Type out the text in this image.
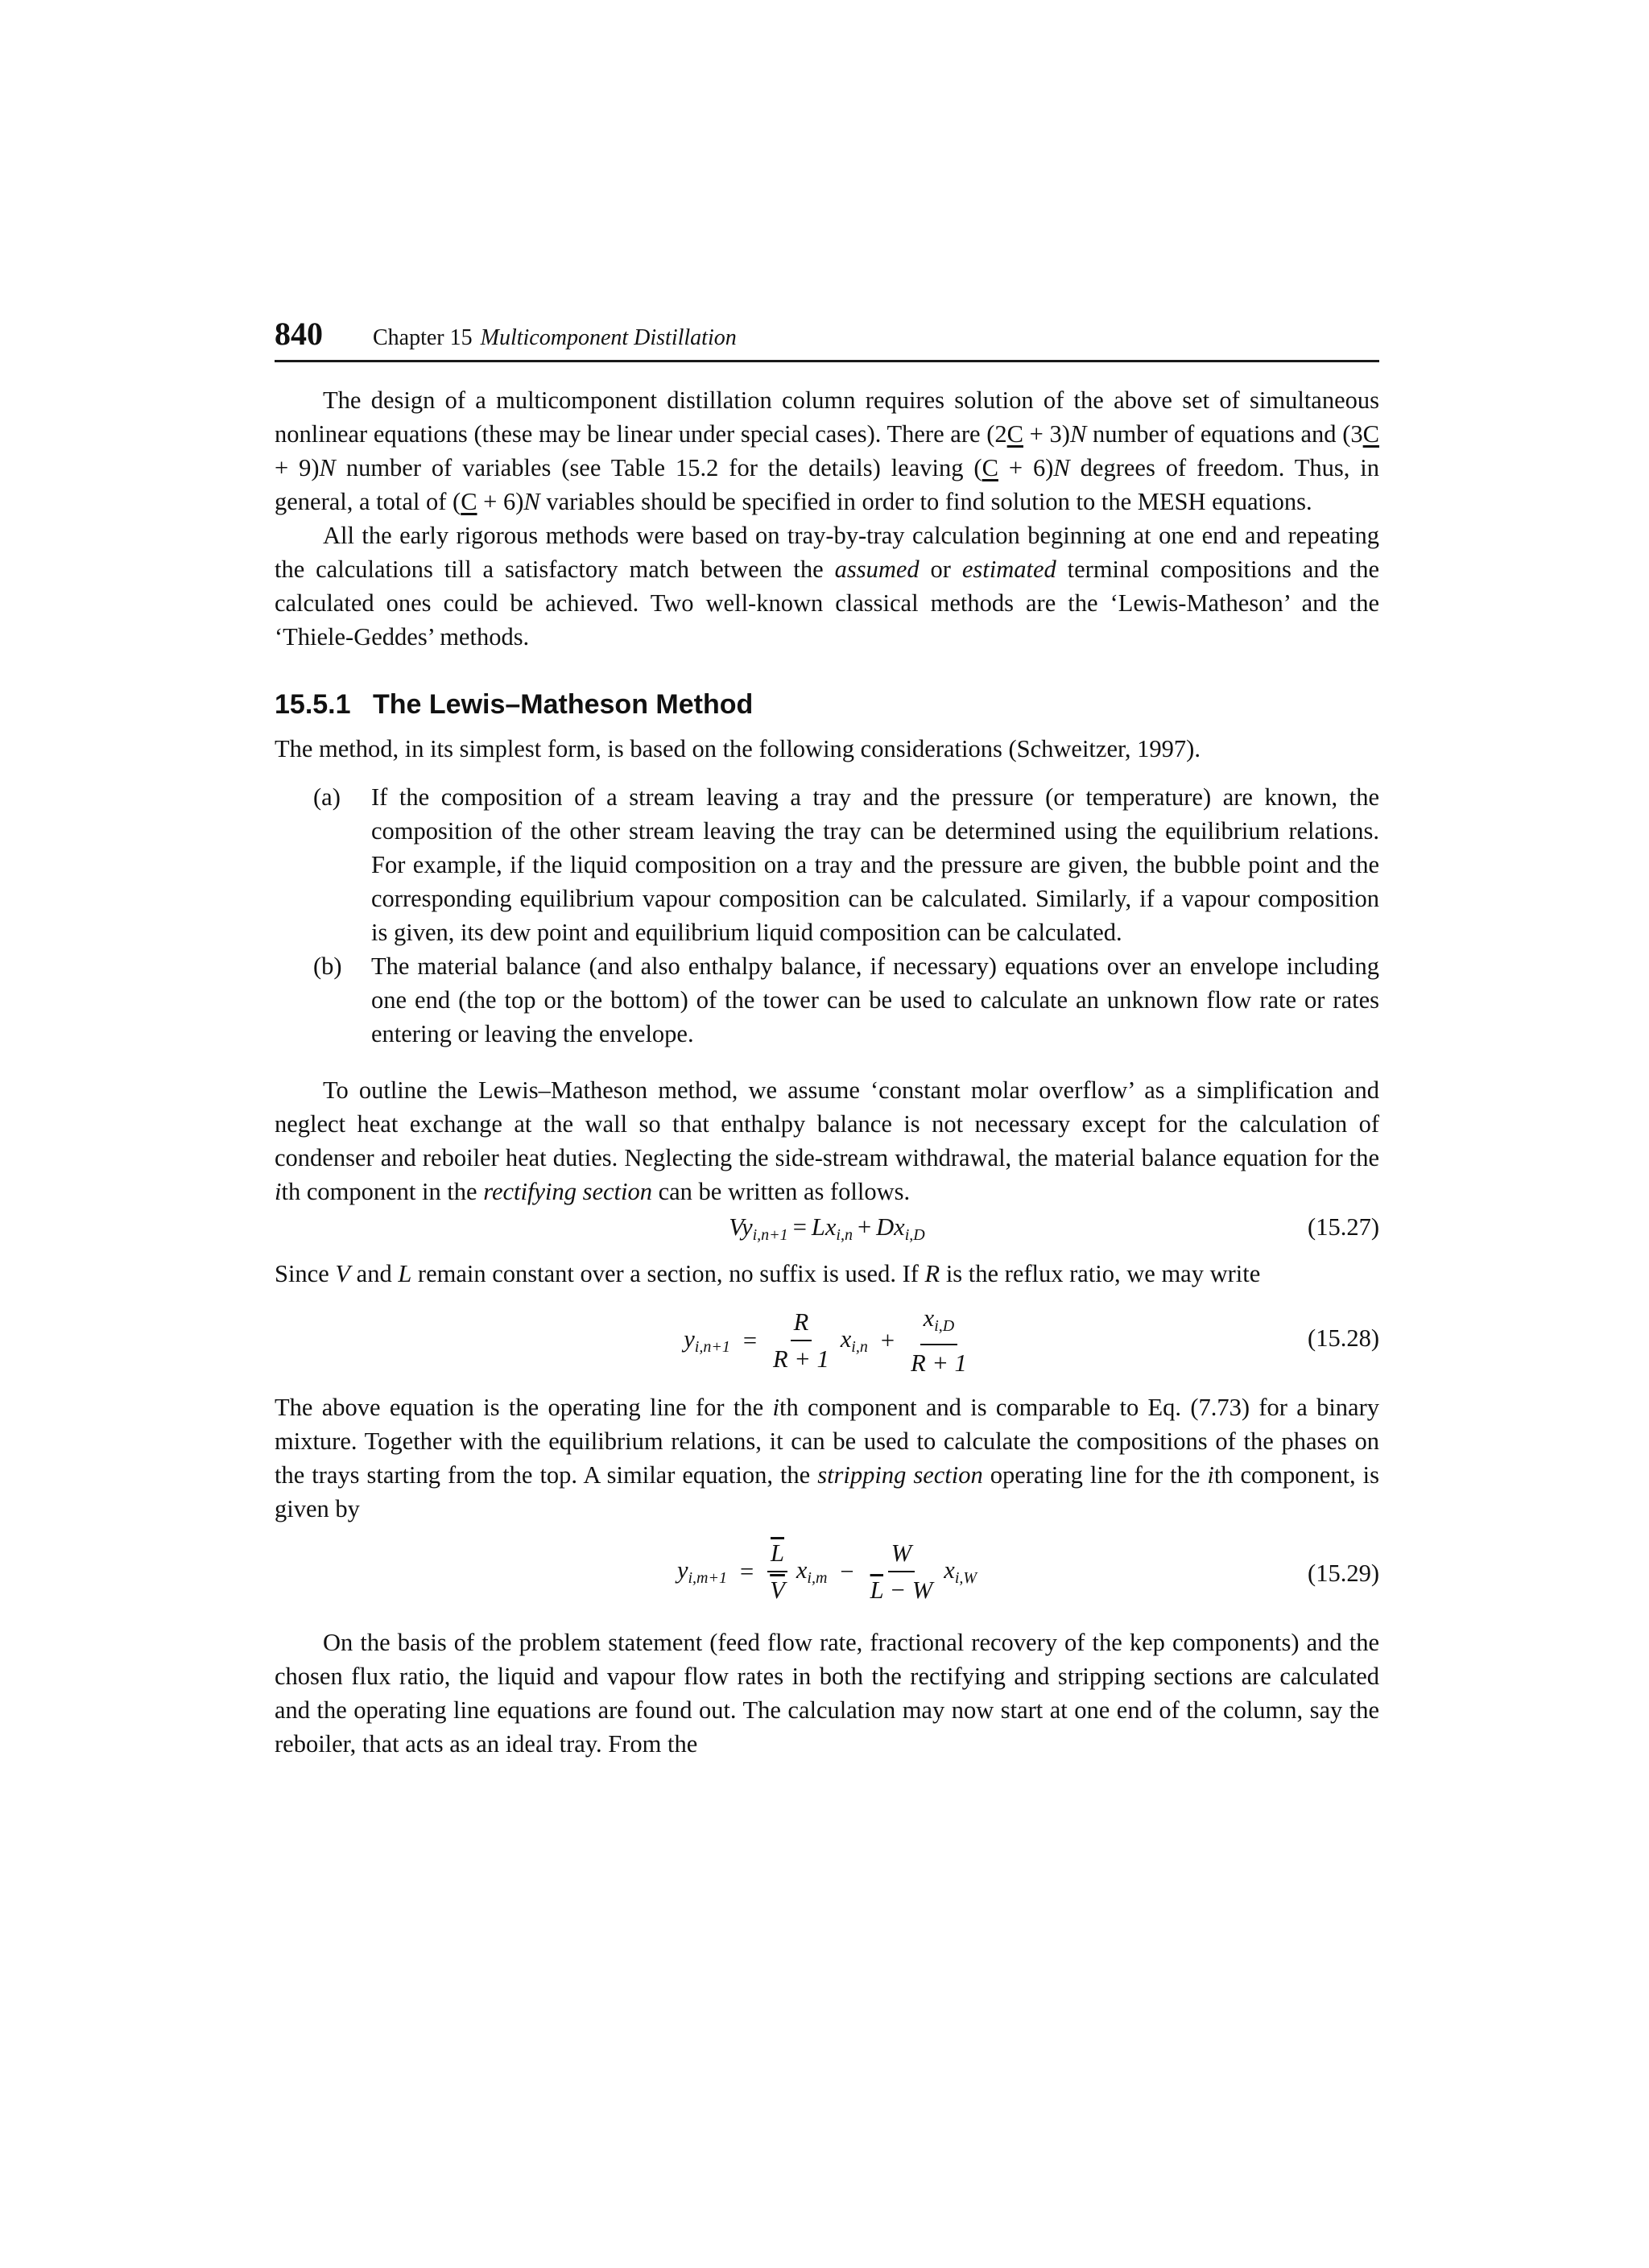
840 Chapter 15 Multicomponent Distillation

The design of a multicomponent distillation column requires solution of the above set of simultaneous nonlinear equations (these may be linear under special cases). There are (2C + 3)N number of equations and (3C + 9)N number of variables (see Table 15.2 for the details) leaving (C + 6)N degrees of freedom. Thus, in general, a total of (C + 6)N variables should be specified in order to find solution to the MESH equations.

All the early rigorous methods were based on tray-by-tray calculation beginning at one end and repeating the calculations till a satisfactory match between the assumed or estimated terminal compositions and the calculated ones could be achieved. Two well-known classical methods are the ‘Lewis-Matheson’ and the ‘Thiele-Geddes’ methods.

15.5.1 The Lewis–Matheson Method

The method, in its simplest form, is based on the following considerations (Schweitzer, 1997).

(a) If the composition of a stream leaving a tray and the pressure (or temperature) are known, the composition of the other stream leaving the tray can be determined using the equilibrium relations. For example, if the liquid composition on a tray and the pressure are given, the bubble point and the corresponding equilibrium vapour composition can be calculated. Similarly, if a vapour composition is given, its dew point and equilibrium liquid composition can be calculated.

(b) The material balance (and also enthalpy balance, if necessary) equations over an envelope including one end (the top or the bottom) of the tower can be used to calculate an unknown flow rate or rates entering or leaving the envelope.

To outline the Lewis–Matheson method, we assume ‘constant molar overflow’ as a simplification and neglect heat exchange at the wall so that enthalpy balance is not necessary except for the calculation of condenser and reboiler heat duties. Neglecting the side-stream withdrawal, the material balance equation for the ith component in the rectifying section can be written as follows.

$Vy_{i,n+1} = Lx_{i,n} + Dx_{i,D}$	(15.27)

Since V and L remain constant over a section, no suffix is used. If R is the reflux ratio, we may write

$y_{i,n+1} = \frac{R}{R + 1} x_{i,n} + \frac{x_{i,D}}{R + 1}$	(15.28)

The above equation is the operating line for the ith component and is comparable to Eq. (7.73) for a binary mixture. Together with the equilibrium relations, it can be used to calculate the compositions of the phases on the trays starting from the top. A similar equation, the stripping section operating line for the ith component, is given by

$y_{i,m+1} = \frac{\overline{L}}{V} x_{i,m} - \frac{W}{\overline{L} - W} x_{i,W}$	(15.29)

On the basis of the problem statement (feed flow rate, fractional recovery of the kep components) and the chosen flux ratio, the liquid and vapour flow rates in both the rectifying and stripping sections are calculated and the operating line equations are found out. The calculation may now start at one end of the column, say the reboiler, that acts as an ideal tray. From the
